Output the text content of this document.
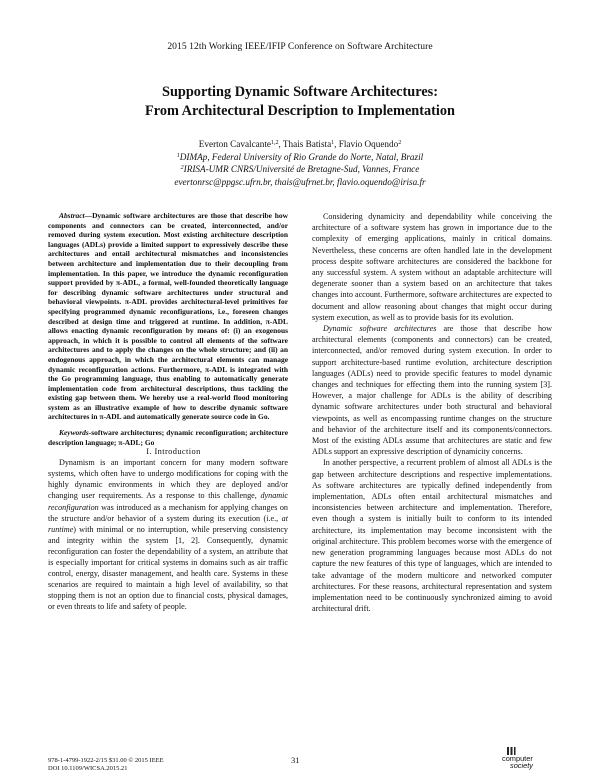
2015 12th Working IEEE/IFIP Conference on Software Architecture
Supporting Dynamic Software Architectures:
From Architectural Description to Implementation
Everton Cavalcante$^{1,2}$, Thais Batista$^1$, Flavio Oquendo$^2$
$^1$DIMAp, Federal University of Rio Grande do Norte, Natal, Brazil
$^2$IRISA-UMR CNRS/Université de Bretagne-Sud, Vannes, France
evertonrsc@ppgsc.ufrn.br, thais@ufrnet.br, flavio.oquendo@irisa.fr

Abstract—Dynamic software architectures are those that describe how components and connectors can be created, interconnected, and/or removed during system execution. Most existing architecture description languages (ADLs) provide a limited support to expressively describe these architectures and entail architectural mismatches and inconsistencies between architecture and implementation due to their decoupling from implementation. In this paper, we introduce the dynamic reconfiguration support provided by π-ADL, a formal, well-founded theoretically language for describing dynamic software architectures under structural and behavioral viewpoints. π-ADL provides architectural-level primitives for specifying programmed dynamic reconfigurations, i.e., foreseen changes described at design time and triggered at runtime. In addition, π-ADL allows enacting dynamic reconfiguration by means of: (i) an exogenous approach, in which it is possible to control all elements of the software architectures and to apply the changes on the whole structure; and (ii) an endogenous approach, in which the architectural elements can manage dynamic reconfiguration actions. Furthermore, π-ADL is integrated with the Go programming language, thus enabling to automatically generate implementation code from architectural descriptions, thus tackling the existing gap between them. We hereby use a real-world flood monitoring system as an illustrative example of how to describe dynamic software architectures in π-ADL and automatically generate source code in Go.

Keywords-software architectures; dynamic reconfiguration; architecture description language; π-ADL; Go

I. Introduction

Dynamism is an important concern for many modern software systems, which often have to undergo modifications for coping with the highly dynamic environments in which they are deployed and/or changing user requirements. As a response to this challenge, dynamic reconfiguration was introduced as a mechanism for applying changes on the structure and/or behavior of a system during its execution (i.e., at runtime) with minimal or no interruption, while preserving consistency and integrity within the system [1, 2]. Consequently, dynamic reconfiguration can foster the dependability of a system, an attribute that is especially important for critical systems in domains such as air traffic control, energy, disaster management, and health care. Systems in these scenarios are required to maintain a high level of availability, so that stopping them is not an option due to financial costs, physical damages, or even threats to life and safety of people.

Considering dynamicity and dependability while conceiving the architecture of a software system has grown in importance due to the complexity of emerging applications, mainly in critical domains. Nevertheless, these concerns are often handled late in the development process despite software architectures are considered the backbone for any successful system. A system without an adaptable architecture will degenerate sooner than a system based on an architecture that takes changes into account. Furthermore, software architectures are expected to document and allow reasoning about changes that might occur during system execution, as well as to provide basis for its evolution.

Dynamic software architectures are those that describe how architectural elements (components and connectors) can be created, interconnected, and/or removed during system execution. In order to support architecture-based runtime evolution, architecture description languages (ADLs) need to provide specific features to model dynamic changes and techniques for effecting them into the running system [3]. However, a major challenge for ADLs is the ability of describing dynamic software architectures under both structural and behavioral viewpoints, as well as encompassing runtime changes on the structure and behavior of the architecture itself and its components/connectors. Most of the existing ADLs assume that architectures are static and few ADLs support an expressive description of dynamicity concerns.

In another perspective, a recurrent problem of almost all ADLs is the gap between architecture descriptions and respective implementations. As software architectures are typically defined independently from implementation, ADLs often entail architectural mismatches and inconsistencies between architecture and implementation. Therefore, even though a system is initially built to conform to its intended architecture, its implementation may become inconsistent with the original architecture. This problem becomes worse with the emergence of new generation programming languages because most ADLs do not capture the new features of this type of languages, which are intended to take advantage of the modern multicore and networked computer architectures. For these reasons, architectural representation and system implementation need to be continuously synchronized aiming to avoid architectural drift.

978-1-4799-1922-2/15 $31.00 © 2015 IEEE
DOI 10.1109/WICSA.2015.21
31	computer
society
